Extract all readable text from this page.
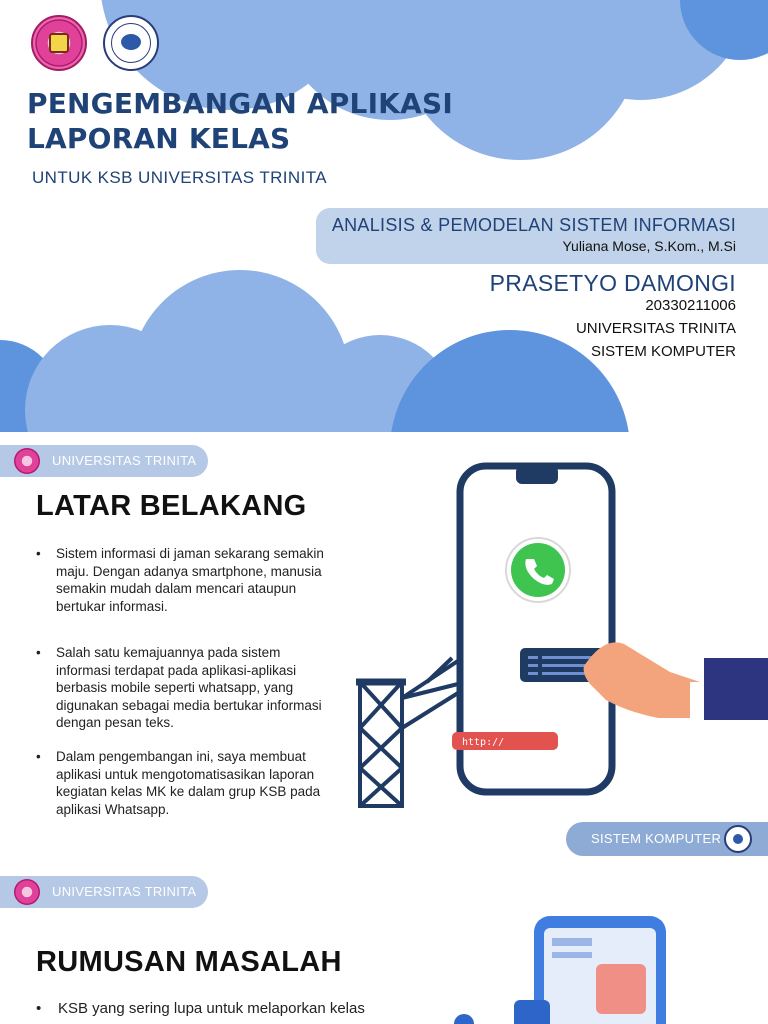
PENGEMBANGAN APLIKASI
LAPORAN KELAS
UNTUK KSB UNIVERSITAS TRINITA
ANALISIS & PEMODELAN SISTEM INFORMASI
Yuliana Mose, S.Kom., M.Si
PRASETYO DAMONGI
20330211006
UNIVERSITAS TRINITA
SISTEM KOMPUTER
UNIVERSITAS TRINITA
LATAR BELAKANG
• Sistem informasi di jaman sekarang semakin maju. Dengan adanya smartphone, manusia semakin mudah dalam mencari ataupun bertukar informasi.
• Salah satu kemajuannya pada sistem informasi terdapat pada aplikasi-aplikasi berbasis mobile seperti whatsapp, yang digunakan sebagai media bertukar informasi dengan pesan teks.
• Dalam pengembangan ini, saya membuat aplikasi untuk mengotomatisasikan laporan kegiatan kelas MK ke dalam grup KSB pada aplikasi Whatsapp.
http://
SISTEM KOMPUTER
UNIVERSITAS TRINITA
RUMUSAN MASALAH
• KSB yang sering lupa untuk melaporkan kelas
